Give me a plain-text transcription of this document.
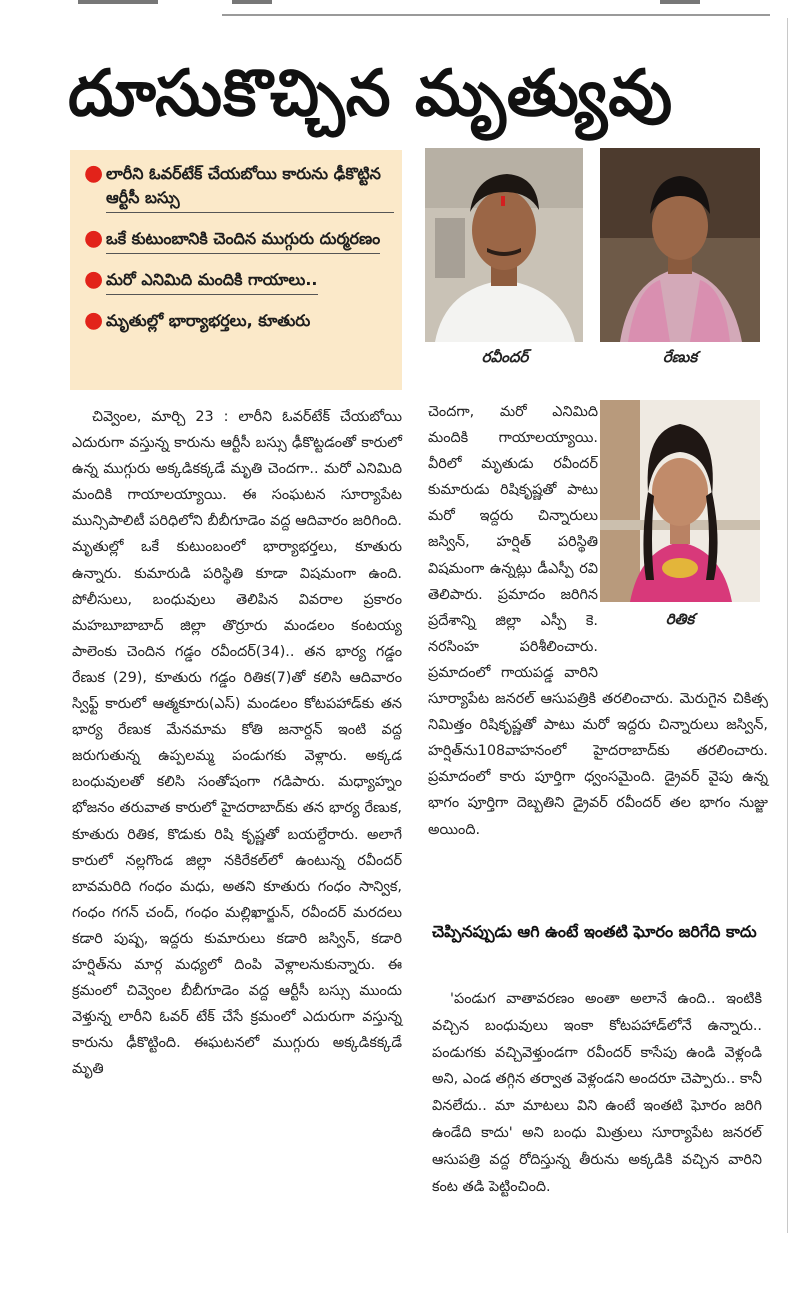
దూసుకొచ్చిన మృత్యువు
● లారీని ఓవర్‌టేక్‌ చేయబోయి కారును ఢీకొట్టిన ఆర్టీసీ బస్సు
● ఒకే కుటుంబానికి చెందిన ముగ్గురు దుర్మరణం
● మరో ఎనిమిది మందికి గాయాలు..
● మృతుల్లో భార్యాభర్తలు, కూతురు
రవీందర్‌	రేణుక
రితిక

చివ్వెంల, మార్చి 23 : లారీని ఓవర్‌టేక్‌ చేయబోయి ఎదురుగా వస్తున్న కారును ఆర్టీసీ బస్సు ఢీకొట్టడంతో కారులో ఉన్న ముగ్గురు అక్కడికక్కడే మృతి చెందగా.. మరో ఎనిమిది మందికి గాయాలయ్యాయి. ఈ సంఘటన సూర్యాపేట మున్సిపాలిటీ పరిధిలోని బీబీగూడెం వద్ద ఆదివారం జరిగింది. మృతుల్లో ఒకే కుటుంబంలో భార్యాభర్తలు, కూతురు ఉన్నారు. కుమారుడి పరిస్థితి కూడా విషమంగా ఉంది. పోలీసులు, బంధువులు తెలిపిన వివరాల ప్రకారం మహబూబాబాద్‌ జిల్లా తొర్రూరు మండలం కంటయ్య పాలెంకు చెందిన గడ్డం రవీందర్‌(34).. తన భార్య గడ్డం రేణుక (29), కూతురు గడ్డం రితిక(7)తో కలిసి ఆదివారం స్విఫ్ట్‌ కారులో ఆత్మకూరు(ఎస్‌) మండలం కోటపహాడ్‌కు తన భార్య రేణుక మేనమామ కోతి జనార్దన్‌ ఇంటి వద్ద జరుగుతున్న ఉప్పలమ్మ పండుగకు వెళ్లారు. అక్కడ బంధువులతో కలిసి సంతోషంగా గడిపారు. మధ్యాహ్నం భోజనం తరువాత కారులో హైదరాబాద్‌కు తన భార్య రేణుక, కూతురు రితిక, కొడుకు రిషి కృష్ణతో బయల్దేరారు. అలాగే కారులో నల్లగొండ జిల్లా నకిరేకల్‌లో ఉంటున్న రవీందర్‌ బావమరిది గంధం మధు, అతని కూతురు గంధం సాన్విక, గంధం గగన్‌ చంద్‌, గంధం మల్లిఖార్జున్‌, రవీందర్‌ మరదలు కడారి పుష్ప, ఇద్దరు కుమారులు కడారి జస్విన్‌, కడారి హర్షిత్‌ను మార్గ మధ్యలో దింపి వెళ్లాలనుకున్నారు. ఈ క్రమంలో చివ్వెంల బీబీగూడెం వద్ద ఆర్టీసీ బస్సు ముందు వెళ్తున్న లారీని ఓవర్‌ టేక్‌ చేసే క్రమంలో ఎదురుగా వస్తున్న కారును ఢీకొట్టింది. ఈఘటనలో ముగ్గురు అక్కడికక్కడే మృతి

చెందగా, మరో ఎనిమిది మందికి గాయాలయ్యాయి. వీరిలో మృతుడు రవీందర్‌ కుమారుడు రిషికృష్ణతో పాటు మరో ఇద్దరు చిన్నారులు జస్విన్‌, హర్షిత్‌ పరిస్థితి విషమంగా ఉన్నట్లు డీఎస్పీ రవి తెలిపారు. ప్రమాదం జరిగిన ప్రదేశాన్ని జిల్లా ఎస్పీ కె. నరసింహ పరిశీలించారు. ప్రమాదంలో గాయపడ్డ వారిని సూర్యాపేట జనరల్‌ ఆసుపత్రికి తరలించారు. మెరుగైన చికిత్స నిమిత్తం రిషికృష్ణతో పాటు మరో ఇద్దరు చిన్నారులు జస్విన్‌, హర్షిత్‌ను108వాహనంలో హైదరాబాద్‌కు తరలించారు. ప్రమాదంలో కారు పూర్తిగా ధ్వంసమైంది. డ్రైవర్‌ వైపు ఉన్న భాగం పూర్తిగా దెబ్బతిని డ్రైవర్‌ రవీందర్‌ తల భాగం నుజ్జు అయింది.

చెప్పినప్పుడు ఆగి ఉంటే ఇంతటి ఘోరం జరిగేది కాదు

'పండుగ వాతావరణం అంతా అలానే ఉంది.. ఇంటికి వచ్చిన బంధువులు ఇంకా కోటపహాడ్‌లోనే ఉన్నారు.. పండుగకు వచ్చివెళ్తుండగా రవీందర్‌ కాసేపు ఉండి వెళ్లండి అని, ఎండ తగ్గిన తర్వాత వెళ్లండని అందరూ చెప్పారు.. కానీ వినలేదు.. మా మాటలు విని ఉంటే ఇంతటి ఘోరం జరిగి ఉండేది కాదు' అని బంధు మిత్రులు సూర్యాపేట జనరల్‌ ఆసుపత్రి వద్ద రోదిస్తున్న తీరును అక్కడికి వచ్చిన వారిని కంట తడి పెట్టించింది.
